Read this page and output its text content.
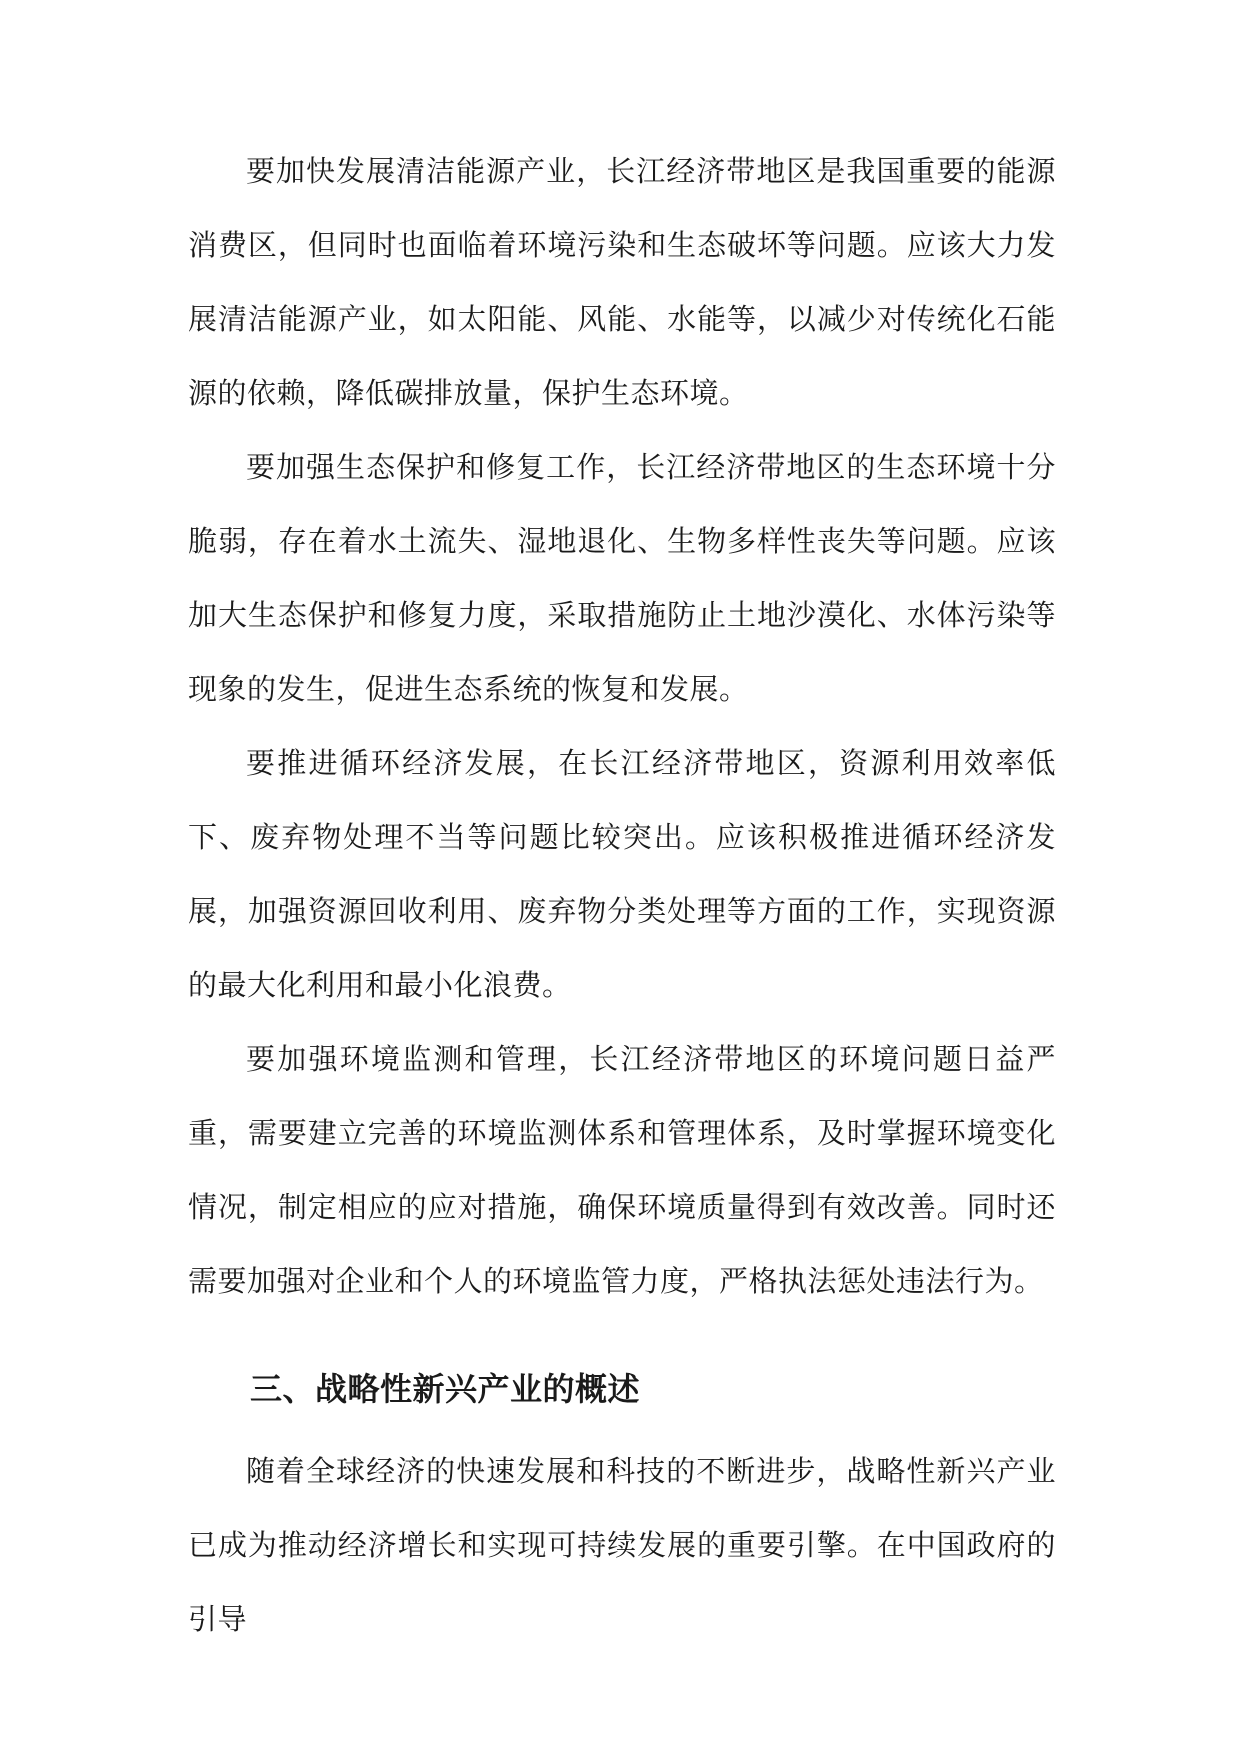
要加快发展清洁能源产业，长江经济带地区是我国重要的能源消费区，但同时也面临着环境污染和生态破坏等问题。应该大力发展清洁能源产业，如太阳能、风能、水能等，以减少对传统化石能源的依赖，降低碳排放量，保护生态环境。

要加强生态保护和修复工作，长江经济带地区的生态环境十分脆弱，存在着水土流失、湿地退化、生物多样性丧失等问题。应该加大生态保护和修复力度，采取措施防止土地沙漠化、水体污染等现象的发生，促进生态系统的恢复和发展。

要推进循环经济发展，在长江经济带地区，资源利用效率低下、废弃物处理不当等问题比较突出。应该积极推进循环经济发展，加强资源回收利用、废弃物分类处理等方面的工作，实现资源的最大化利用和最小化浪费。

要加强环境监测和管理，长江经济带地区的环境问题日益严重，需要建立完善的环境监测体系和管理体系，及时掌握环境变化情况，制定相应的应对措施，确保环境质量得到有效改善。同时还需要加强对企业和个人的环境监管力度，严格执法惩处违法行为。

三、战略性新兴产业的概述

随着全球经济的快速发展和科技的不断进步，战略性新兴产业已成为推动经济增长和实现可持续发展的重要引擎。在中国政府的引导
